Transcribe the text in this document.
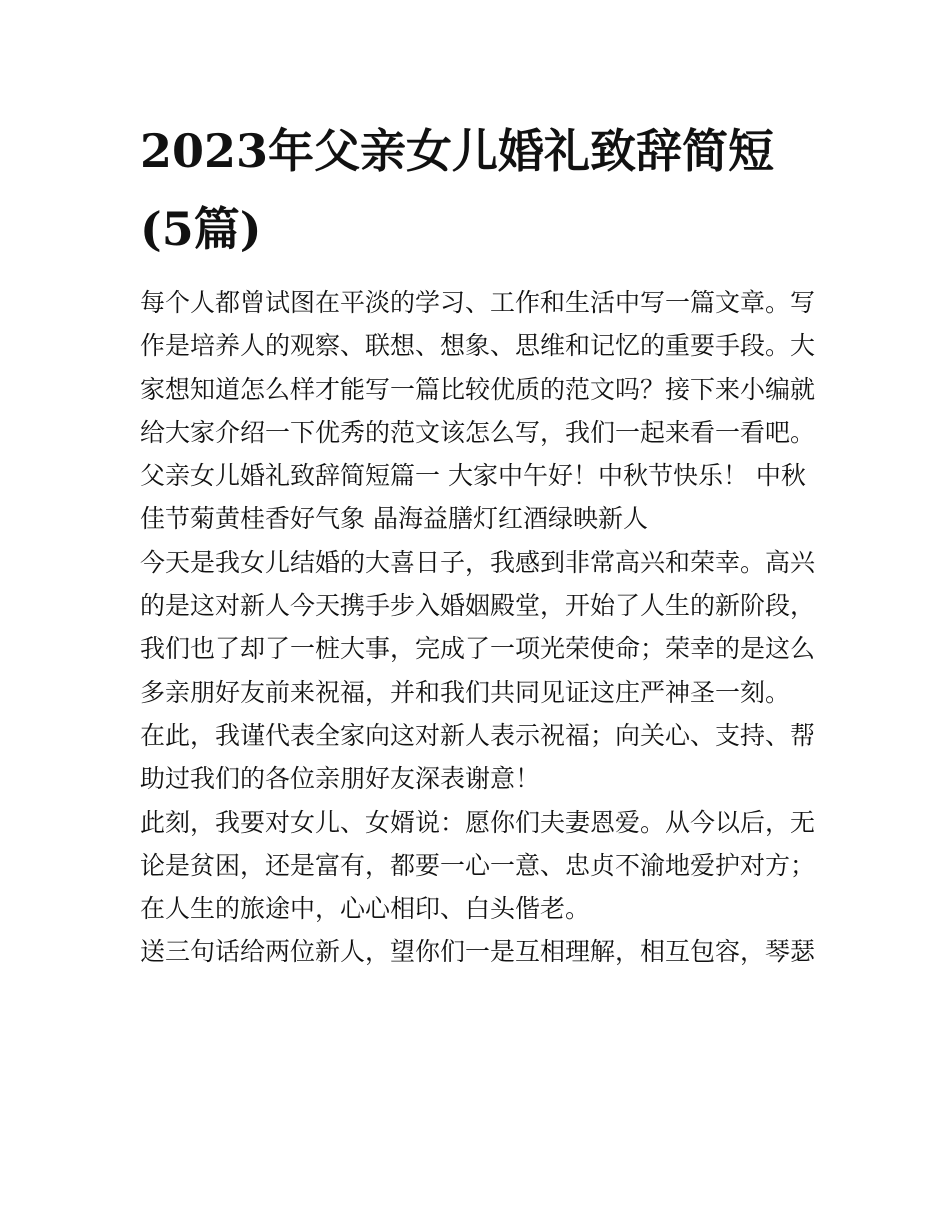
2023年父亲女儿婚礼致辞简短(5篇)
每个人都曾试图在平淡的学习、工作和生活中写一篇文章。写
作是培养人的观察、联想、想象、思维和记忆的重要手段。大
家想知道怎么样才能写一篇比较优质的范文吗？接下来小编就
给大家介绍一下优秀的范文该怎么写，我们一起来看一看吧。
父亲女儿婚礼致辞简短篇一 大家中午好！中秋节快乐！ 中秋
佳节菊黄桂香好气象 晶海益膳灯红酒绿映新人
今天是我女儿结婚的大喜日子，我感到非常高兴和荣幸。高兴
的是这对新人今天携手步入婚姻殿堂，开始了人生的新阶段，
我们也了却了一桩大事，完成了一项光荣使命；荣幸的是这么
多亲朋好友前来祝福，并和我们共同见证这庄严神圣一刻。
在此，我谨代表全家向这对新人表示祝福；向关心、支持、帮
助过我们的各位亲朋好友深表谢意！
此刻，我要对女儿、女婿说：愿你们夫妻恩爱。从今以后，无
论是贫困，还是富有，都要一心一意、忠贞不渝地爱护对方；
在人生的旅途中，心心相印、白头偕老。
送三句话给两位新人，望你们一是互相理解，相互包容，琴瑟
